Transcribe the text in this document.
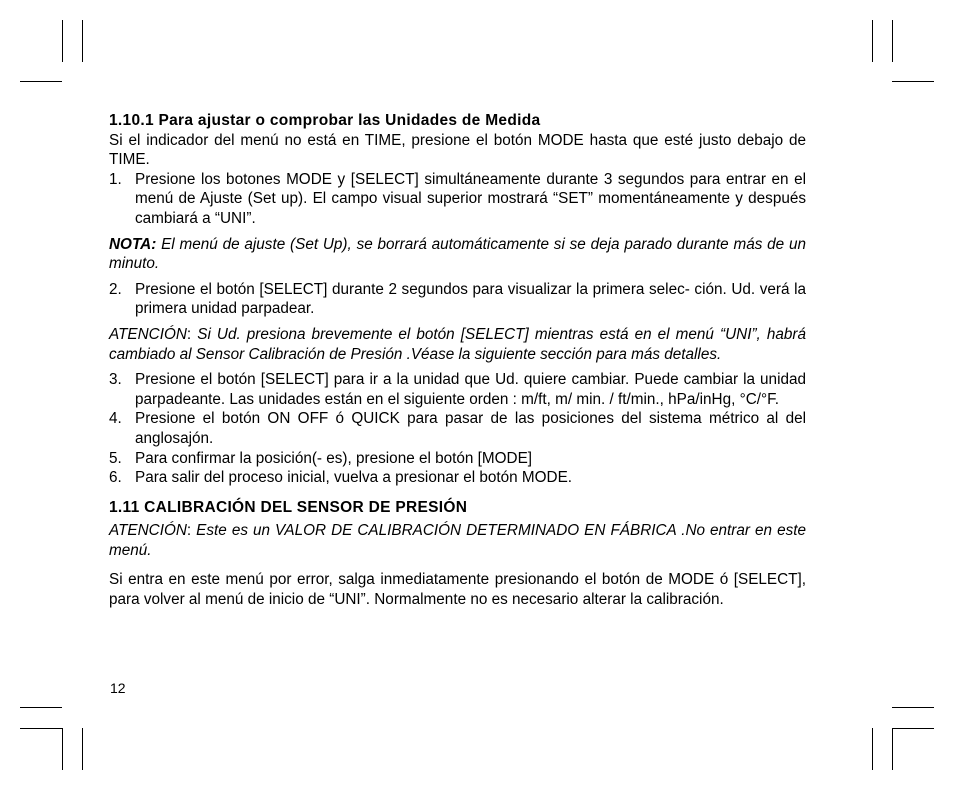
1.10.1 Para ajustar o comprobar las Unidades de Medida

Si el indicador del menú no está en TIME, presione el botón MODE hasta que esté justo debajo de TIME.

1. Presione los botones MODE y [SELECT] simultáneamente durante 3 segundos para entrar en el menú de Ajuste (Set up). El campo visual superior mostrará “SET” momentáneamente y después cambiará a “UNI”.

NOTA: El menú de ajuste (Set Up), se borrará automáticamente si se deja parado durante más de un minuto.

2. Presione el botón [SELECT] durante 2 segundos para visualizar la primera selec- ción. Ud. verá la primera unidad parpadear.

ATENCIÓN: Si Ud. presiona brevemente el botón [SELECT] mientras está en el menú “UNI”, habrá cambiado al Sensor Calibración de Presión .Véase la siguiente sección para más detalles.

3. Presione el botón [SELECT] para ir a la unidad que Ud. quiere cambiar. Puede cambiar la unidad parpadeante. Las unidades están en el siguiente orden : m/ft, m/ min. / ft/min., hPa/inHg, °C/°F.
4. Presione el botón ON OFF ó QUICK para pasar de las posiciones del sistema métrico al del anglosajón.
5. Para confirmar la posición(- es), presione el botón [MODE]
6. Para salir del proceso inicial, vuelva a presionar el botón MODE.
1.11 CALIBRACIÓN DEL SENSOR DE PRESIÓN

ATENCIÓN: Este es un VALOR DE CALIBRACIÓN DETERMINADO EN FÁBRICA .No entrar en este menú.

Si entra en este menú por error, salga inmediatamente presionando el botón de MODE ó [SELECT], para volver al menú de inicio de “UNI”. Normalmente no es necesario alterar la calibración.

12
